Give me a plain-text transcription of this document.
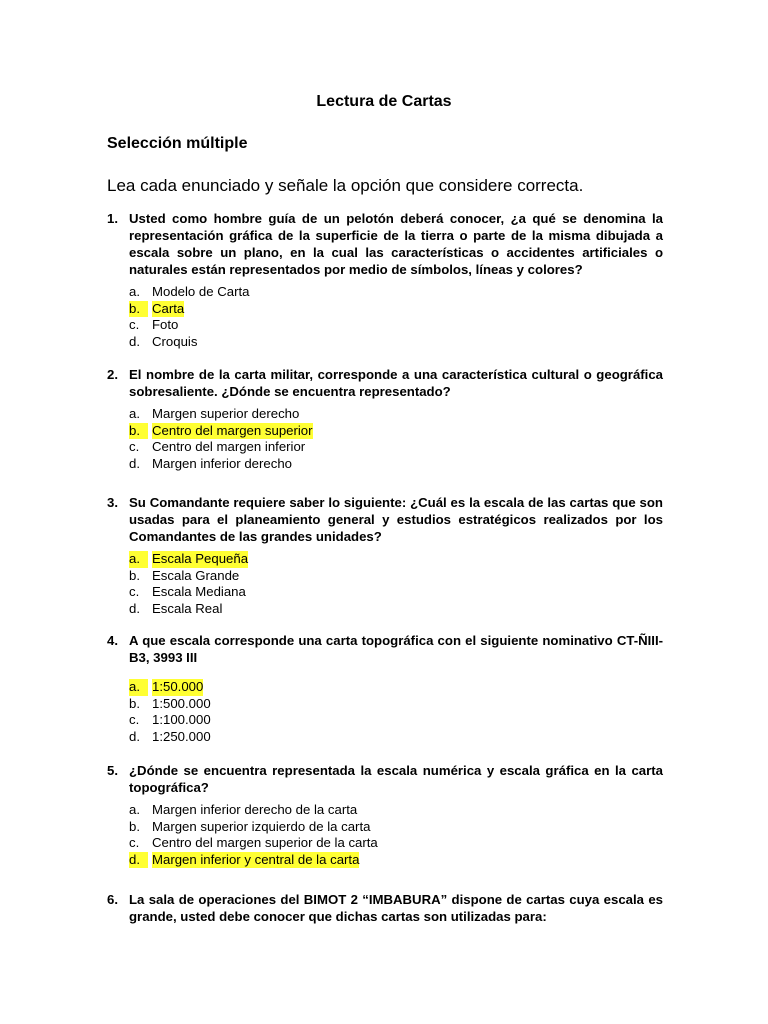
Lectura de Cartas
Selección múltiple
Lea cada enunciado y señale la opción que considere correcta.
1. Usted como hombre guía de un pelotón deberá conocer, ¿a qué se denomina la representación gráfica de la superficie de la tierra o parte de la misma dibujada a escala sobre un plano, en la cual las características o accidentes artificiales o naturales están representados por medio de símbolos, líneas y colores?
a. Modelo de Carta
b. Carta
c. Foto
d. Croquis
2. El nombre de la carta militar, corresponde a una característica cultural o geográfica sobresaliente. ¿Dónde se encuentra representado?
a. Margen superior derecho
b. Centro del margen superior
c. Centro del margen inferior
d. Margen inferior derecho
3. Su Comandante requiere saber lo siguiente: ¿Cuál es la escala de las cartas que son usadas para el planeamiento general y estudios estratégicos realizados por los Comandantes de las grandes unidades?
a. Escala Pequeña
b. Escala Grande
c. Escala Mediana
d. Escala Real
4. A que escala corresponde una carta topográfica con el siguiente nominativo CT-ÑIII-B3, 3993 III
a. 1:50.000
b. 1:500.000
c. 1:100.000
d. 1:250.000
5. ¿Dónde se encuentra representada la escala numérica y escala gráfica en la carta topográfica?
a. Margen inferior derecho de la carta
b. Margen superior izquierdo de la carta
c. Centro del margen superior de la carta
d. Margen inferior y central de la carta
6. La sala de operaciones del BIMOT 2 “IMBABURA” dispone de cartas cuya escala es grande, usted debe conocer que dichas cartas son utilizadas para:
